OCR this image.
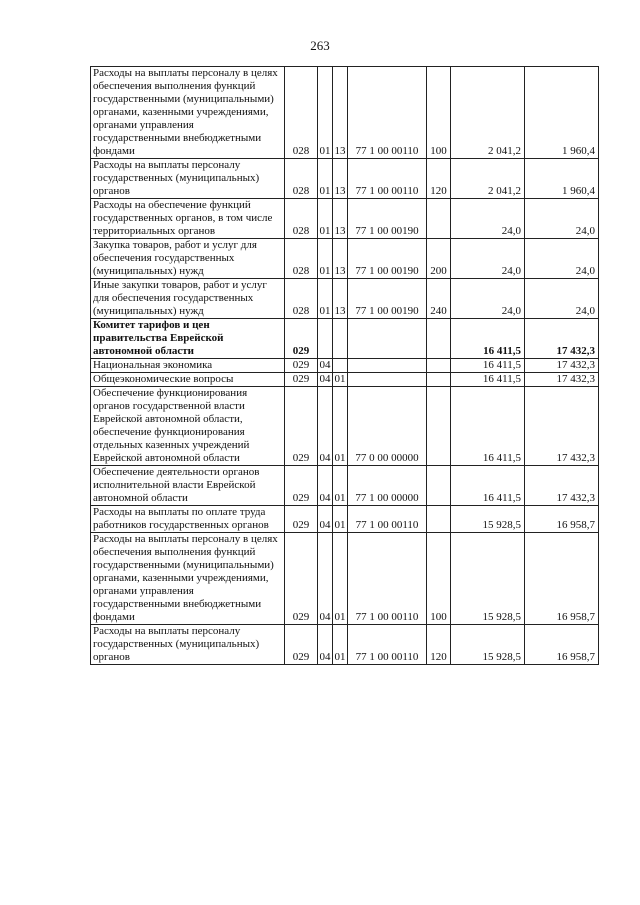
263
Расходы на выплаты персоналу в целях обеспечения выполнения функций государственными (муниципальными) органами, казенными учреждениями, органами управления государственными внебюджетными фондами	028	01	13	77 1 00 00110	100	2 041,2	1 960,4
Расходы на выплаты персоналу государственных (муниципальных) органов	028	01	13	77 1 00 00110	120	2 041,2	1 960,4
Расходы на обеспечение функций государственных органов, в том числе территориальных органов	028	01	13	77 1 00 00190		24,0	24,0
Закупка товаров, работ и услуг для обеспечения государственных (муниципальных) нужд	028	01	13	77 1 00 00190	200	24,0	24,0
Иные закупки товаров, работ и услуг для обеспечения государственных (муниципальных) нужд	028	01	13	77 1 00 00190	240	24,0	24,0
Комитет тарифов и цен правительства Еврейской автономной области	029					16 411,5	17 432,3
Национальная экономика	029	04				16 411,5	17 432,3
Общеэкономические вопросы	029	04	01			16 411,5	17 432,3
Обеспечение функционирования органов государственной власти Еврейской автономной области, обеспечение функционирования отдельных казенных учреждений Еврейской автономной области	029	04	01	77 0 00 00000		16 411,5	17 432,3
Обеспечение деятельности органов исполнительной власти Еврейской автономной области	029	04	01	77 1 00 00000		16 411,5	17 432,3
Расходы на выплаты по оплате труда работников государственных органов	029	04	01	77 1 00 00110		15 928,5	16 958,7
Расходы на выплаты персоналу в целях обеспечения выполнения функций государственными (муниципальными) органами, казенными учреждениями, органами управления государственными внебюджетными фондами	029	04	01	77 1 00 00110	100	15 928,5	16 958,7
Расходы на выплаты персоналу государственных (муниципальных) органов	029	04	01	77 1 00 00110	120	15 928,5	16 958,7
